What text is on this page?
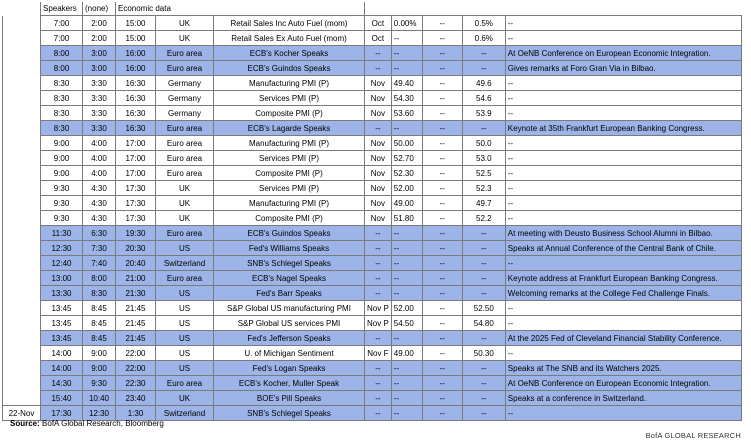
	Speakers	(none)	Economic data							
	7:00	2:00	15:00	UK	Retail Sales Inc Auto Fuel (mom)	Oct	0.00%	--	0.5%	--
	7:00	2:00	15:00	UK	Retail Sales Ex Auto Fuel (mom)	Oct	--	--	0.6%	--
	8:00	3:00	16:00	Euro area	ECB's Kocher Speaks	--	--	--	--	At OeNB Conference on European Economic Integration.
	8:00	3:00	16:00	Euro area	ECB's Guindos Speaks	--	--	--	--	Gives remarks at Foro Gran Via in Bilbao.
	8:30	3:30	16:30	Germany	Manufacturing PMI (P)	Nov	49.40	--	49.6	--
	8:30	3:30	16:30	Germany	Services PMI (P)	Nov	54.30	--	54.6	--
	8:30	3:30	16:30	Germany	Composite PMI (P)	Nov	53.60	--	53.9	--
	8:30	3:30	16:30	Euro area	ECB's Lagarde Speaks	--	--	--	--	Keynote at 35th Frankfurt European Banking Congress.
	9:00	4:00	17:00	Euro area	Manufacturing PMI (P)	Nov	50.00	--	50.0	--
	9:00	4:00	17:00	Euro area	Services PMI (P)	Nov	52.70	--	53.0	--
	9:00	4:00	17:00	Euro area	Composite PMI (P)	Nov	52.30	--	52.5	--
	9:30	4:30	17:30	UK	Services PMI (P)	Nov	52.00	--	52.3	--
	9:30	4:30	17:30	UK	Manufacturing PMI (P)	Nov	49.00	--	49.7	--
	9:30	4:30	17:30	UK	Composite PMI (P)	Nov	51.80	--	52.2	--
	11:30	6:30	19:30	Euro area	ECB's Guindos Speaks	--	--	--	--	At meeting with Deusto Business School Alumni in Bilbao.
	12:30	7:30	20:30	US	Fed's Williams Speaks	--	--	--	--	Speaks at Annual Conference of the Central Bank of Chile.
	12:40	7:40	20:40	Switzerland	SNB's Schlegel Speaks	--	--	--	--	--
	13:00	8:00	21:00	Euro area	ECB's Nagel Speaks	--	--	--	--	Keynote address at Frankfurt European Banking Congress.
	13:30	8:30	21:30	US	Fed's Barr Speaks	--	--	--	--	Welcoming remarks at the College Fed Challenge Finals.
	13:45	8:45	21:45	US	S&P Global US manufacturing PMI	Nov P	52.00	--	52.50	--
	13:45	8:45	21:45	US	S&P Global US services PMI	Nov P	54.50	--	54.80	--
	13:45	8:45	21:45	US	Fed's Jefferson Speaks	--	--	--	--	At the 2025 Fed of Cleveland Financial Stability Conference.
	14:00	9:00	22:00	US	U. of Michigan Sentiment	Nov F	49.00	--	50.30	--
	14:00	9:00	22:00	US	Fed's Logan Speaks	--	--	--	--	Speaks at The SNB and its Watchers 2025.
	14:30	9:30	22:30	Euro area	ECB's Kocher, Muller Speak	--	--	--	--	At OeNB Conference on European Economic Integration.
	15:40	10:40	23:40	UK	BOE's Pill Speaks	--	--	--	--	Speaks at a conference in Switzerland.
22-Nov	17:30	12:30	1:30	Switzerland	SNB's Schlegel Speaks	--	--	--	--	--
Source: BofA Global Research, Bloomberg
BofA GLOBAL RESEARCH
